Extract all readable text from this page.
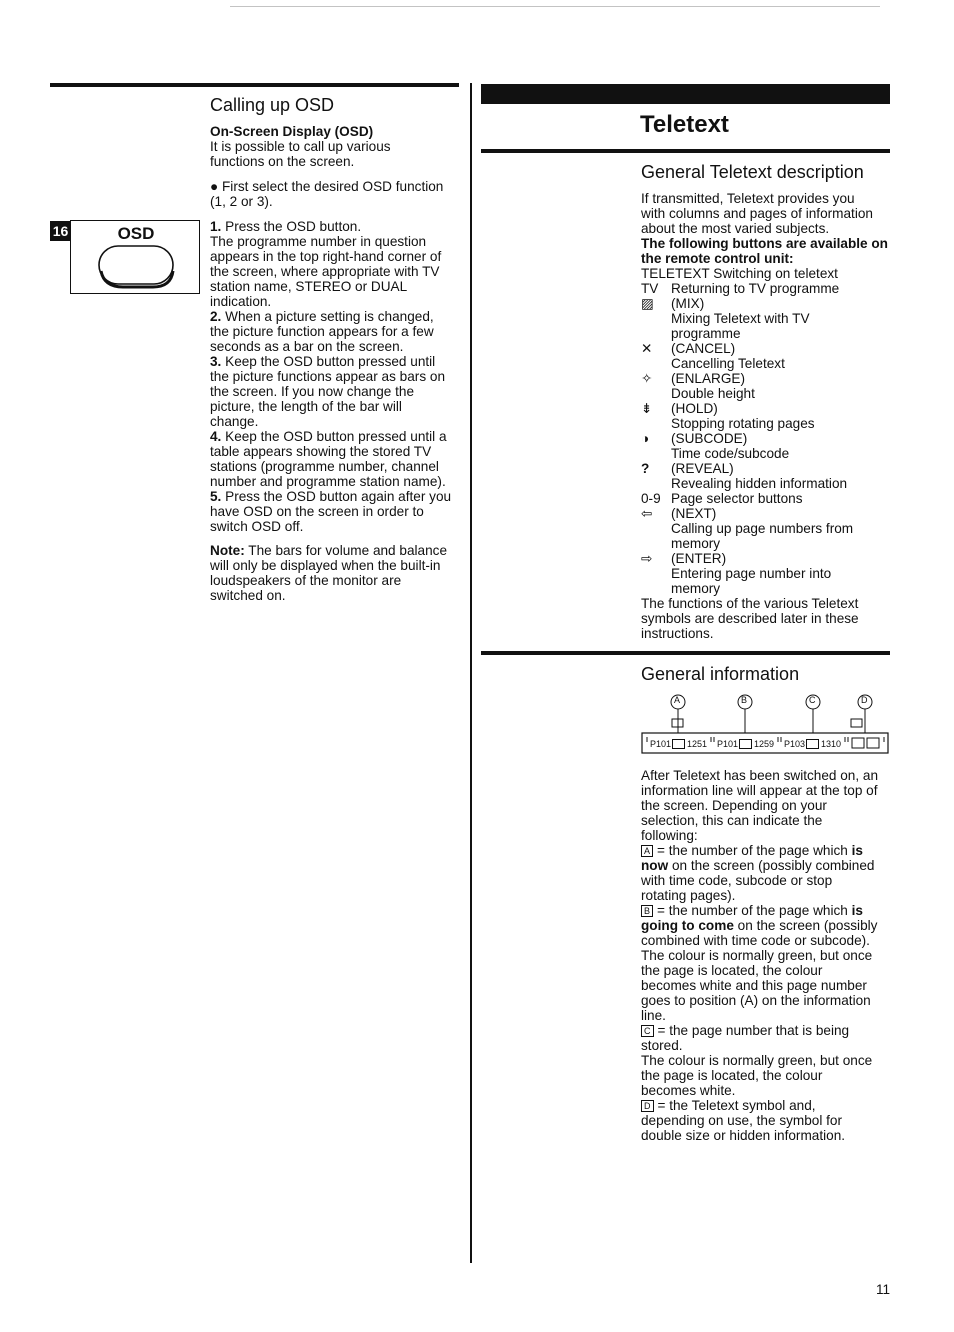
Calling up OSD
On-Screen Display (OSD)
It is possible to call up various
functions on the screen.
● First select the desired OSD function
(1, 2 or 3).
16	OSD	1. Press the OSD button.
The programme number in question
appears in the top right-hand corner of
the screen, where appropriate with TV
station name, STEREO or DUAL
indication.
2. When a picture setting is changed,
the picture function appears for a few
seconds as a bar on the screen.
3. Keep the OSD button pressed until
the picture functions appear as bars on
the screen. If you now change the
picture, the length of the bar will
change.
4. Keep the OSD button pressed until a
table appears showing the stored TV
stations (programme number, channel
number and programme station name).
5. Press the OSD button again after you
have OSD on the screen in order to
switch OSD off.
Note: The bars for volume and balance
will only be displayed when the built-in
loudspeakers of the monitor are
switched on.
Teletext
General Teletext description
If transmitted, Teletext provides you
with columns and pages of information
about the most varied subjects.
The following buttons are available on
the remote control unit:
TELETEXT Switching on teletext
TV Returning to TV programme
▨	(MIX)
Mixing Teletext with TV
programme
✕	(CANCEL)
Cancelling Teletext
✧	(ENLARGE)
Double height
⇟	(HOLD)
Stopping rotating pages
◑	(SUBCODE)
Time code/subcode
?	(REVEAL)
Revealing hidden information
0-9 Page selector buttons
⇦	(NEXT)
Calling up page numbers from
memory
⇨	(ENTER)
Entering page number into
memory
The functions of the various Teletext
symbols are described later in these
instructions.
General information
A	B	C	D
P101 1251 P101 1259 P103 1310
After Teletext has been switched on, an
information line will appear at the top of
the screen. Depending on your
selection, this can indicate the
following:
A = the number of the page which is
now on the screen (possibly combined
with time code, subcode or stop
rotating pages).
B = the number of the page which is
going to come on the screen (possibly
combined with time code or subcode).
The colour is normally green, but once
the page is located, the colour
becomes white and this page number
goes to position (A) on the information
line.
C = the page number that is being
stored.
The colour is normally green, but once
the page is located, the colour
becomes white.
D = the Teletext symbol and,
depending on use, the symbol for
double size or hidden information.
11
